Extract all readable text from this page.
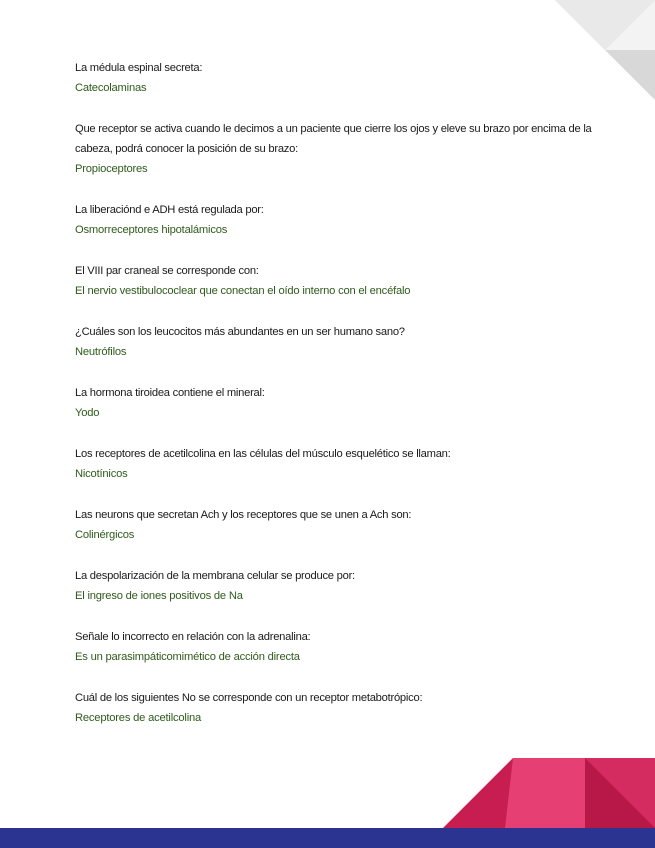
La médula espinal secreta:
Catecolaminas
Que receptor se activa cuando le decimos a un paciente que cierre los ojos y eleve su brazo por encima de la cabeza, podrá conocer la posición de su brazo:
Propioceptores
La liberaciónd e ADH está regulada por:
Osmorreceptores hipotalámicos
El VIII par craneal se corresponde con:
El nervio vestibulococlear que conectan el oído interno con el encéfalo
¿Cuáles son los leucocitos más abundantes en un ser humano sano?
Neutrófilos
La hormona tiroidea contiene el mineral:
Yodo
Los receptores de acetilcolina en las células del músculo esquelético se llaman:
Nicotínicos
Las neurons que secretan Ach y los receptores que se unen a Ach son:
Colinérgicos
La despolarización de la membrana celular se produce por:
El ingreso de iones positivos de Na
Señale lo incorrecto en relación con la adrenalina:
Es un parasimpáticomimético de acción directa
Cuál de los siguientes No se corresponde con un receptor metabotrópico:
Receptores de acetilcolina
